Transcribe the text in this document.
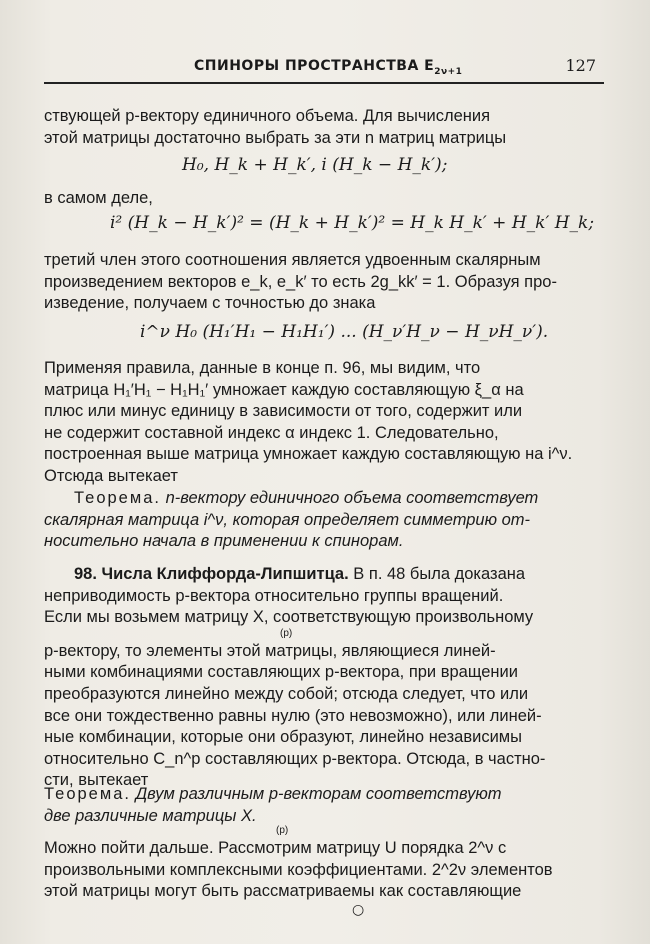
СПИНОРЫ ПРОСТРАНСТВА $E_{2\nu+1}$	127
ствующей p-вектору единичного объема. Для вычисления
этой матрицы достаточно выбрать за эти n матриц матрицы
H₀, H_k + H_k′, i (H_k − H_k′);
в самом деле,
i² (H_k − H_k′)² = (H_k + H_k′)² = H_k H_k′ + H_k′ H_k;
третий член этого соотношения является удвоенным скалярным
произведением векторов e_k, e_k′ то есть 2g_kk′ = 1. Образуя про-
изведение, получаем с точностью до знака
i^ν H₀ (H₁′H₁ − H₁H₁′) ... (H_ν′H_ν − H_νH_ν′).
Применяя правила, данные в конце п. 96, мы видим, что
матрица H₁′H₁ − H₁H₁′ умножает каждую составляющую ξ_α на
плюс или минус единицу в зависимости от того, содержит или
не содержит составной индекс α индекс 1. Следовательно,
построенная выше матрица умножает каждую составляющую на i^ν.
Отсюда вытекает
Теорема. n-вектору единичного объема соответствует
скалярная матрица i^ν, которая определяет симметрию от-
носительно начала в применении к спинорам.
98. Числа Клиффорда-Липшитца. В п. 48 была доказана
неприводимость p-вектора относительно группы вращений.
Если мы возьмем матрицу X, соответствующую произвольному
(p)
p-вектору, то элементы этой матрицы, являющиеся линей-
ными комбинациями составляющих p-вектора, при вращении
преобразуются линейно между собой; отсюда следует, что или
все они тождественно равны нулю (это невозможно), или линей-
ные комбинации, которые они образуют, линейно независимы
относительно C_n^p составляющих p-вектора. Отсюда, в частно-
сти, вытекает
Теорема. Двум различным p-векторам соответствуют
две различные матрицы X.
(p)
Можно пойти дальше. Рассмотрим матрицу U порядка 2^ν с
произвольными комплексными коэффициентами. 2^2ν элементов
этой матрицы могут быть рассматриваемы как составляющие
○
